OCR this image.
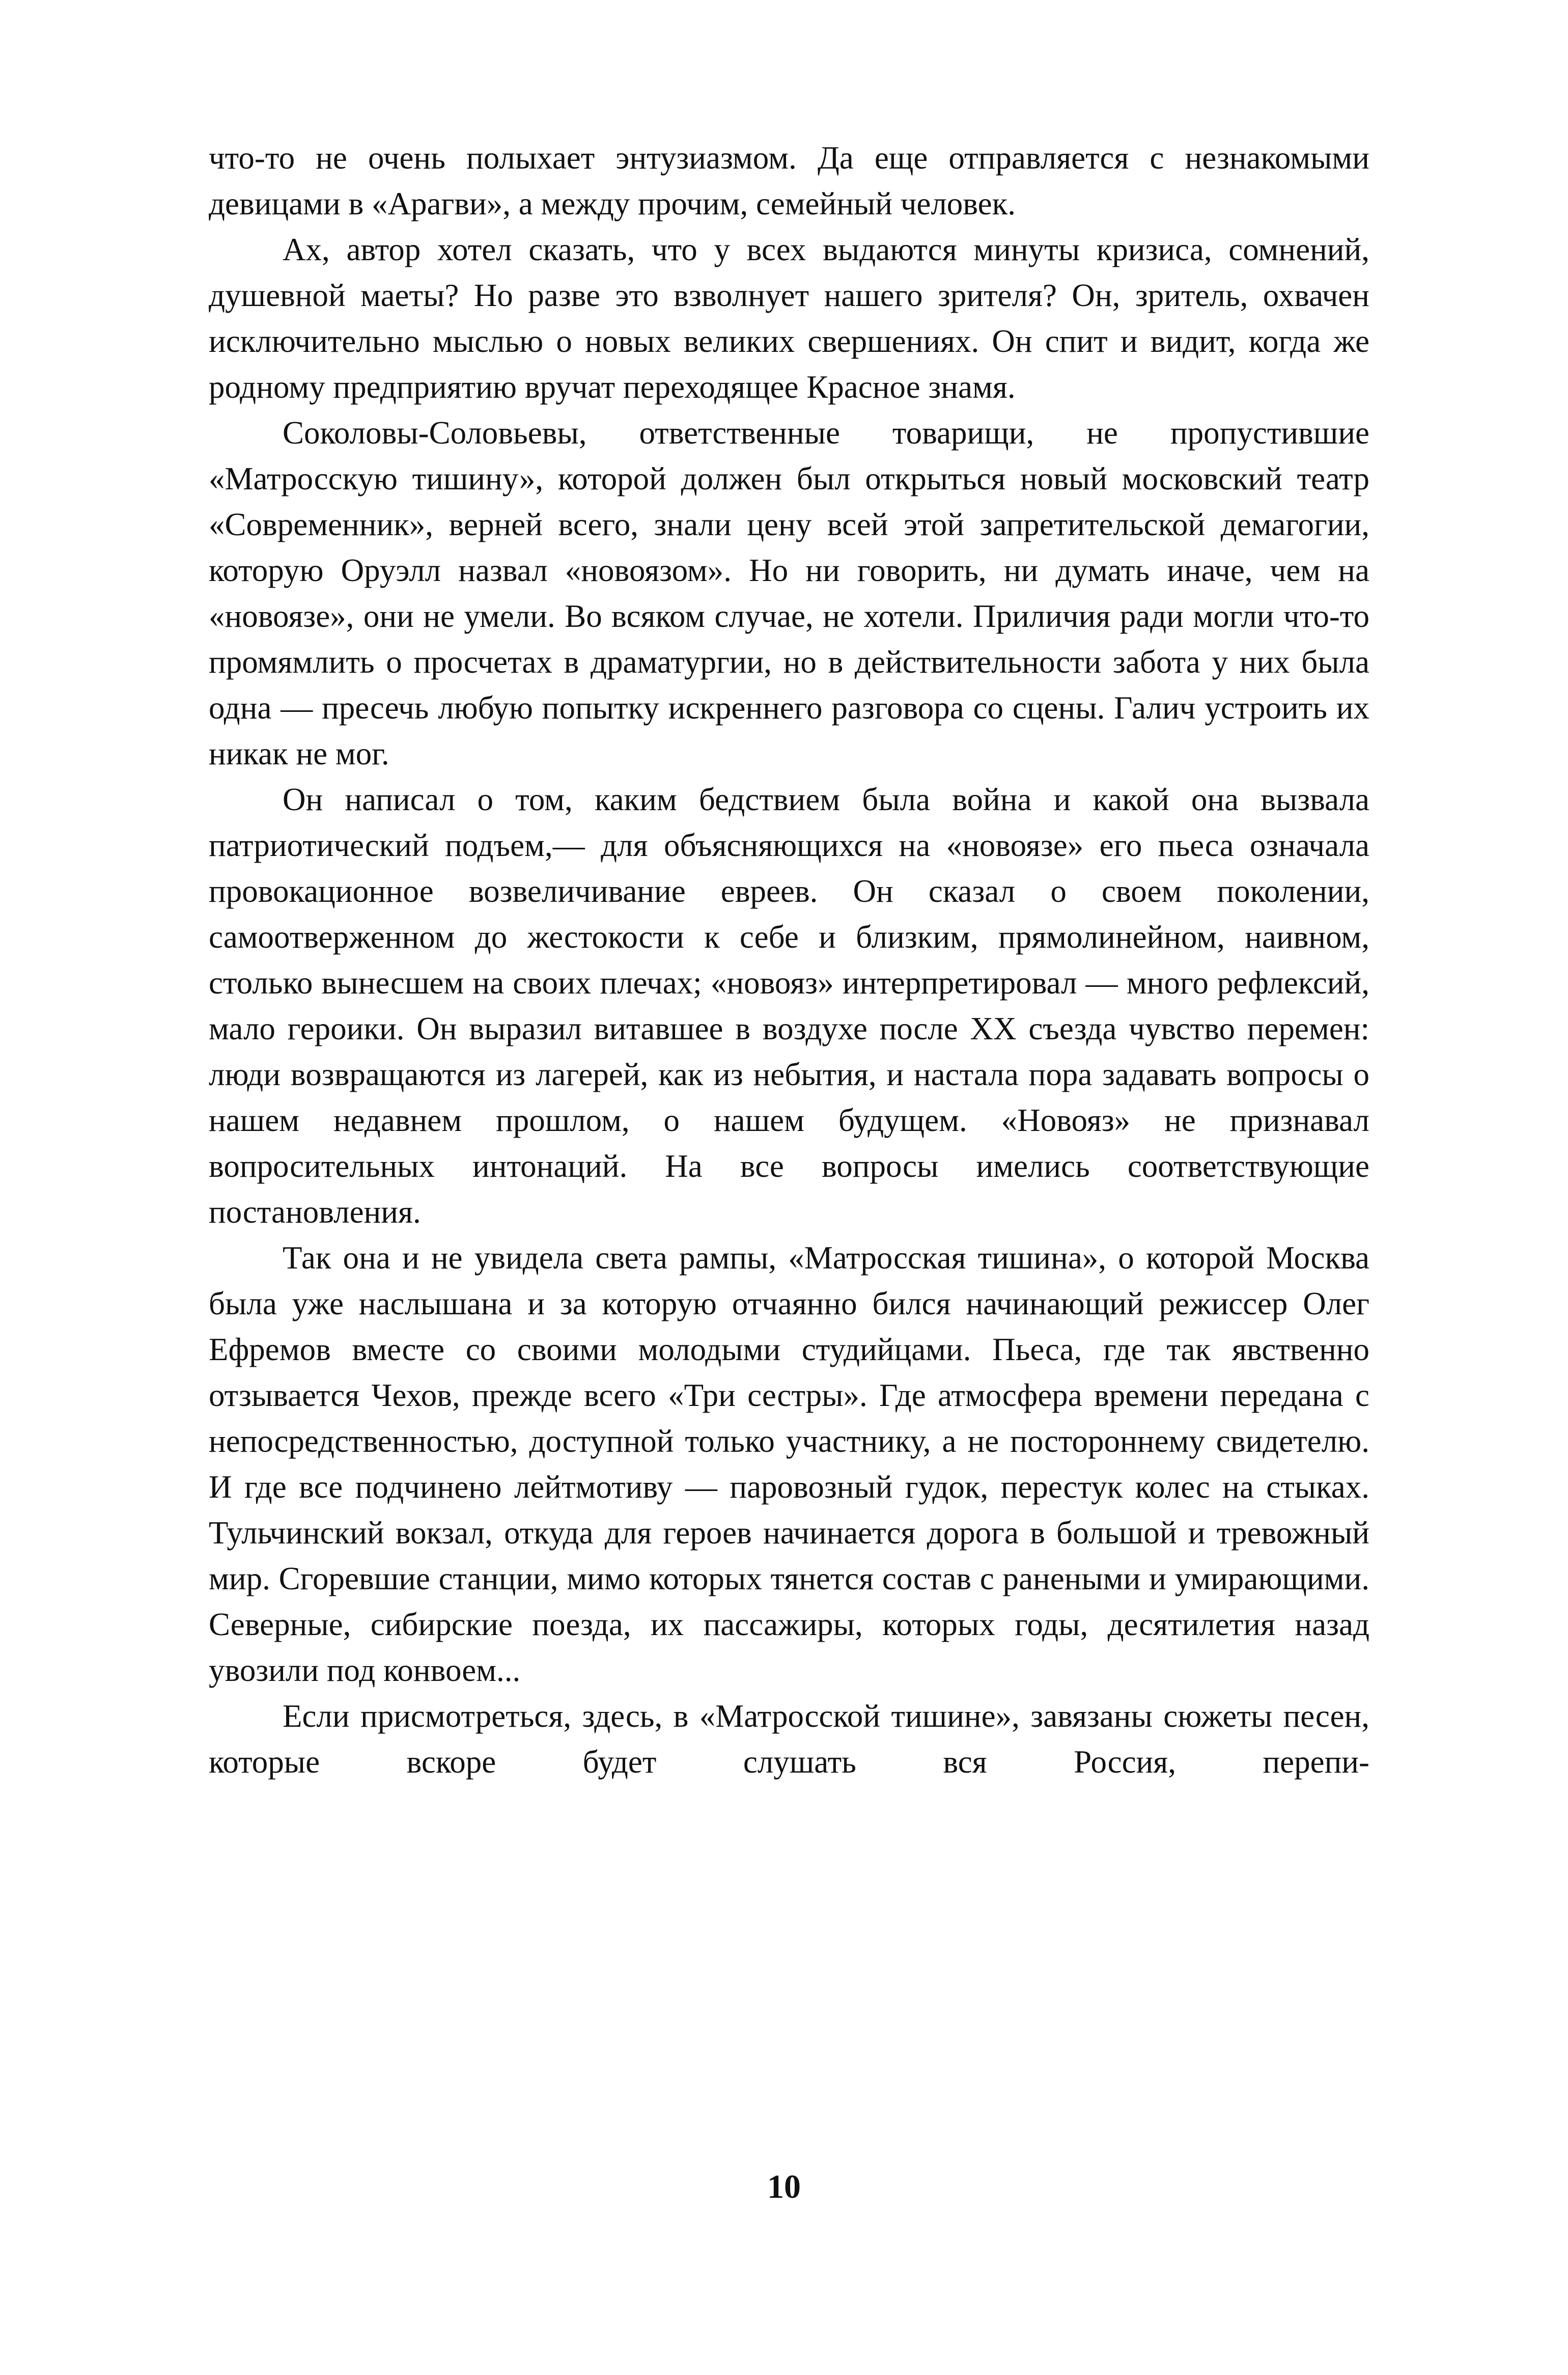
что-то не очень полыхает энтузиазмом. Да еще отправляется с незнакомыми девицами в «Арагви», а между прочим, семейный человек.

Ах, автор хотел сказать, что у всех выдаются минуты кризиса, сомнений, душевной маеты? Но разве это взволнует нашего зрителя? Он, зритель, охвачен исключительно мыслью о новых великих свершениях. Он спит и видит, когда же родному предприятию вручат переходящее Красное знамя.

Соколовы-Соловьевы, ответственные товарищи, не пропустившие «Матросскую тишину», которой должен был открыться новый московский театр «Современник», верней всего, знали цену всей этой запретительской демагогии, которую Оруэлл назвал «новоязом». Но ни говорить, ни думать иначе, чем на «новоязе», они не умели. Во всяком случае, не хотели. Приличия ради могли что-то промямлить о просчетах в драматургии, но в действительности забота у них была одна — пресечь любую попытку искреннего разговора со сцены. Галич устроить их никак не мог.

Он написал о том, каким бедствием была война и какой она вызвала патриотический подъем,— для объясняющихся на «новоязе» его пьеса означала провокационное возвеличивание евреев. Он сказал о своем поколении, самоотверженном до жестокости к себе и близким, прямолинейном, наивном, столько вынесшем на своих плечах; «новояз» интерпретировал — много рефлексий, мало героики. Он выразил витавшее в воздухе после XX съезда чувство перемен: люди возвращаются из лагерей, как из небытия, и настала пора задавать вопросы о нашем недавнем прошлом, о нашем будущем. «Новояз» не признавал вопросительных интонаций. На все вопросы имелись соответствующие постановления.

Так она и не увидела света рампы, «Матросская тишина», о которой Москва была уже наслышана и за которую отчаянно бился начинающий режиссер Олег Ефремов вместе со своими молодыми студийцами. Пьеса, где так явственно отзывается Чехов, прежде всего «Три сестры». Где атмосфера времени передана с непосредственностью, доступной только участнику, а не постороннему свидетелю. И где все подчинено лейтмотиву — паровозный гудок, перестук колес на стыках. Тульчинский вокзал, откуда для героев начинается дорога в большой и тревожный мир. Сгоревшие станции, мимо которых тянется состав с ранеными и умирающими. Северные, сибирские поезда, их пассажиры, которых годы, десятилетия назад увозили под конвоем...

Если присмотреться, здесь, в «Матросской тишине», завязаны сюжеты песен, которые вскоре будет слушать вся Россия, перепи-

10
